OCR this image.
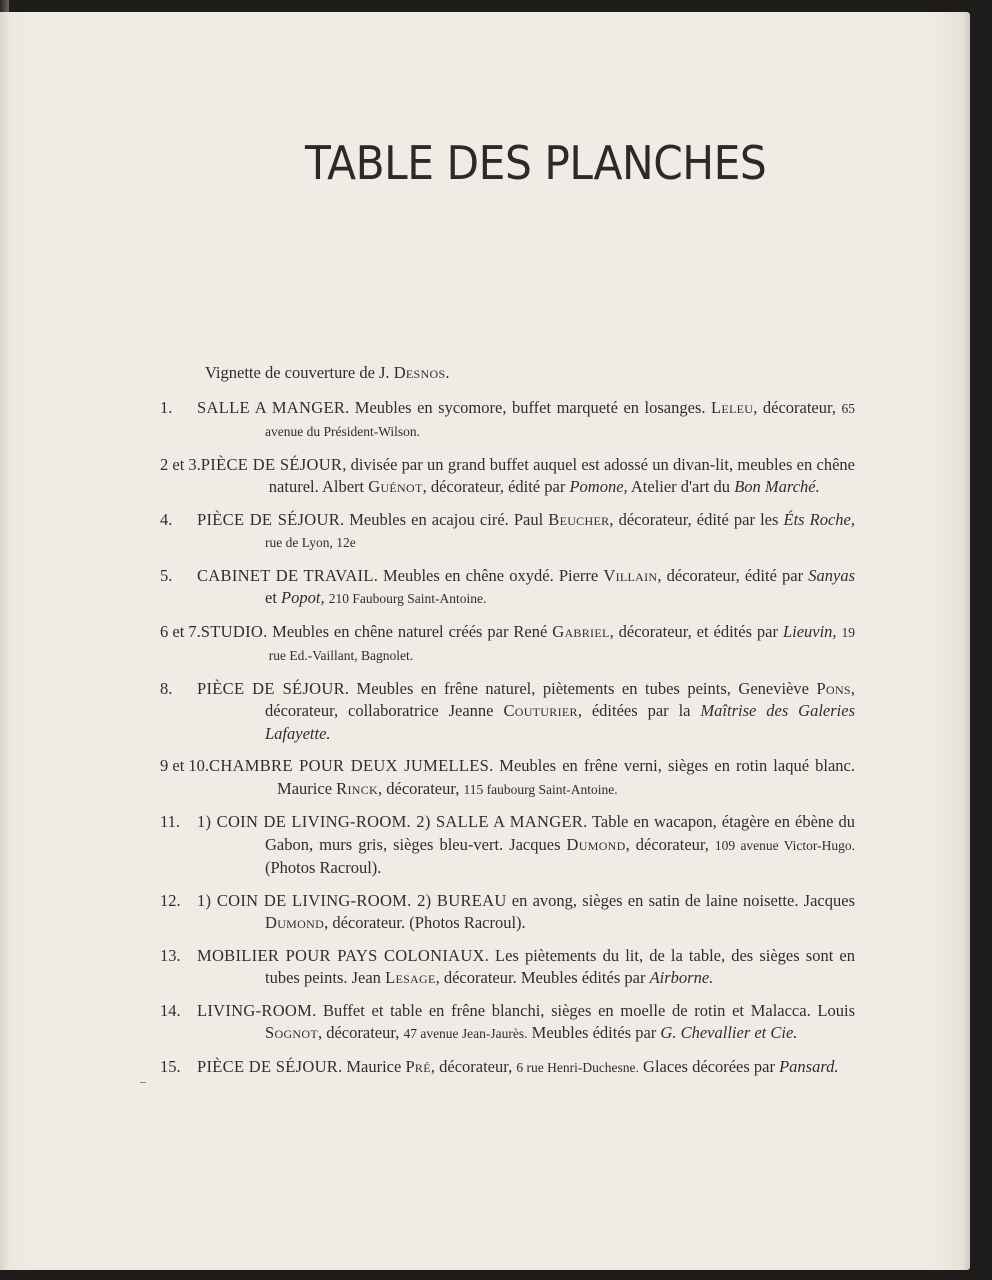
TABLE DES PLANCHES
Vignette de couverture de J. Desnos.
1.	SALLE A MANGER. Meubles en sycomore, buffet marqueté en losanges. Leleu, décorateur, 65 avenue du Président-Wilson.
2 et 3. PIÈCE DE SÉJOUR, divisée par un grand buffet auquel est adossé un divan-lit, meubles en chêne naturel. Albert Guénot, décorateur, édité par Pomone, Atelier d'art du Bon Marché.
4.	PIÈCE DE SÉJOUR. Meubles en acajou ciré. Paul Beucher, décorateur, édité par les Éts Roche, rue de Lyon, 12e
5.	CABINET DE TRAVAIL. Meubles en chêne oxydé. Pierre Villain, décorateur, édité par Sanyas et Popot, 210 Faubourg Saint-Antoine.
6 et 7. STUDIO. Meubles en chêne naturel créés par René Gabriel, décorateur, et édités par Lieuvin, 19 rue Ed.-Vaillant, Bagnolet.
8.	PIÈCE DE SÉJOUR. Meubles en frêne naturel, piètements en tubes peints, Geneviève Pons, décorateur, collaboratrice Jeanne Couturier, éditées par la Maîtrise des Galeries Lafayette.
9 et 10. CHAMBRE POUR DEUX JUMELLES. Meubles en frêne verni, sièges en rotin laqué blanc. Maurice Rinck, décorateur, 115 faubourg Saint-Antoine.
11.	1) COIN DE LIVING-ROOM. 2) SALLE A MANGER. Table en wacapon, étagère en ébène du Gabon, murs gris, sièges bleu-vert. Jacques Dumond, décorateur, 109 avenue Victor-Hugo. (Photos Racroul).
12. 1) COIN DE LIVING-ROOM. 2) BUREAU en avong, sièges en satin de laine noisette. Jacques Dumond, décorateur. (Photos Racroul).
13. MOBILIER POUR PAYS COLONIAUX. Les piètements du lit, de la table, des sièges sont en tubes peints. Jean Lesage, décorateur. Meubles édités par Airborne.
14. LIVING-ROOM. Buffet et table en frêne blanchi, sièges en moelle de rotin et Malacca. Louis Sognot, décorateur, 47 avenue Jean-Jaurès. Meubles édités par G. Chevallier et Cie.
15. PIÈCE DE SÉJOUR. Maurice Pré, décorateur, 6 rue Henri-Duchesne. Glaces décorées par Pansard.
